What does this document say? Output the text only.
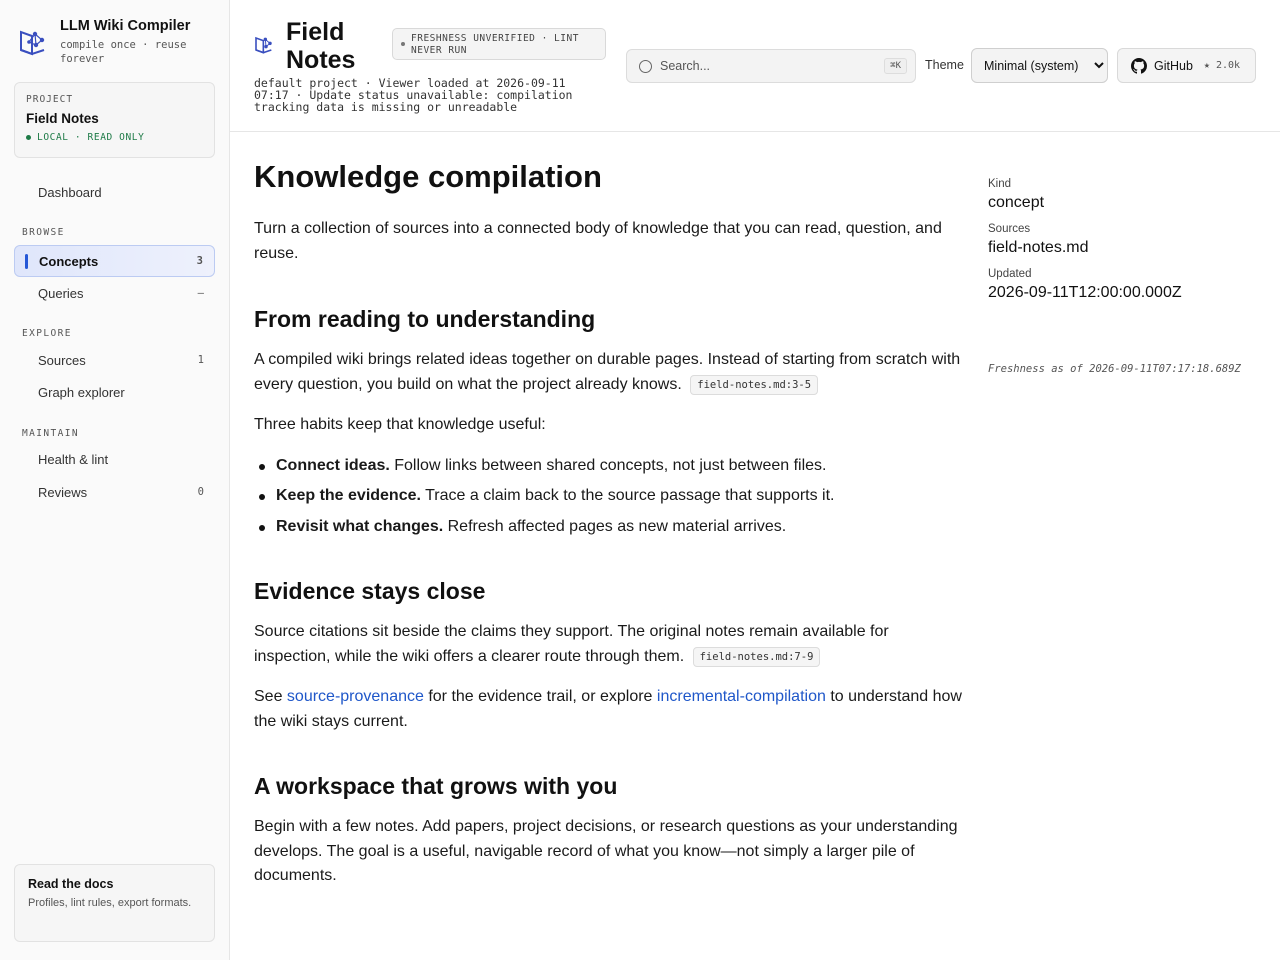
LLM Wiki Compiler
compile once · reuse forever
PROJECT
Field Notes
LOCAL · READ ONLY
Dashboard
BROWSE
Concepts	3
Queries	–
EXPLORE
Sources	1
Graph explorer
MAINTAIN
Health & lint
Reviews	0
Read the docs
Profiles, lint rules, export formats.
Field Notes
FRESHNESS UNVERIFIED · LINT NEVER RUN
default project · Viewer loaded at 2026-09-11 07:17 · Update status unavailable: compilation tracking data is missing or unreadable
Search...
⌘K	Theme
Minimal (system)	GitHub ★ 2.0k
Knowledge compilation

Turn a collection of sources into a connected body of knowledge that you can read, question, and reuse.

From reading to understanding

A compiled wiki brings related ideas together on durable pages. Instead of starting from scratch with every question, you build on what the project already knows. field-notes.md:3-5

Three habits keep that knowledge useful:

Connect ideas. Follow links between shared concepts, not just between files.
Keep the evidence. Trace a claim back to the source passage that supports it.
Revisit what changes. Refresh affected pages as new material arrives.
Evidence stays close

Source citations sit beside the claims they support. The original notes remain available for inspection, while the wiki offers a clearer route through them. field-notes.md:7-9

See source-provenance for the evidence trail, or explore incremental-compilation to understand how the wiki stays current.

A workspace that grows with you

Begin with a few notes. Add papers, project decisions, or research questions as your understanding develops. The goal is a useful, navigable record of what you know—not simply a larger pile of documents.

Kind
concept
Sources
field-notes.md
Updated
2026-09-11T12:00:00.000Z
Freshness as of 2026-09-11T07:17:18.689Z
